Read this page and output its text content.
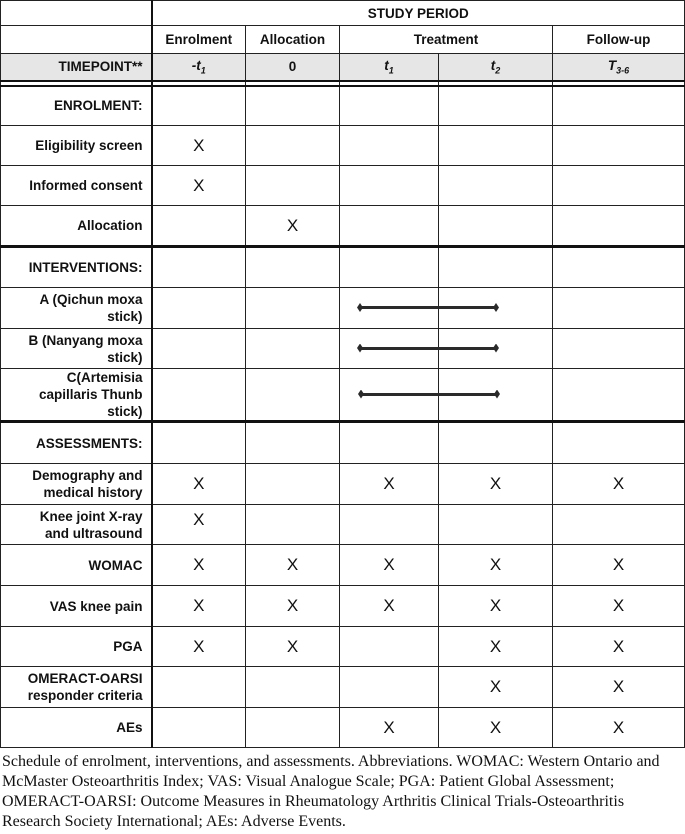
	STUDY PERIOD				
	Enrolment	Allocation	Treatment		Follow-up
TIMEPOINT**	$-t_1$	0	$t_1$	$t_2$	$T_{3-6}$

ENROLMENT:					
Eligibility screen	X				
Informed consent	X				
Allocation		X			
INTERVENTIONS:					
A (Qichun moxa
stick)			

B (Nanyang moxa
stick)			

C(Artemisia
capillaris Thunb
stick)			

ASSESSMENTS:					
Demography and
medical history	X		X	X	X
Knee joint X-ray
and ultrasound	X				
WOMAC	X	X	X	X	X
VAS knee pain	X	X	X	X	X
PGA	X	X		X	X
OMERACT-OARSI
responder criteria				X	X
AEs			X	X	X
Schedule of enrolment, interventions, and assessments. Abbreviations. WOMAC: Western Ontario and McMaster Osteoarthritis Index; VAS: Visual Analogue Scale; PGA: Patient Global Assessment; OMERACT-OARSI: Outcome Measures in Rheumatology Arthritis Clinical Trials-Osteoarthritis Research Society International; AEs: Adverse Events.
